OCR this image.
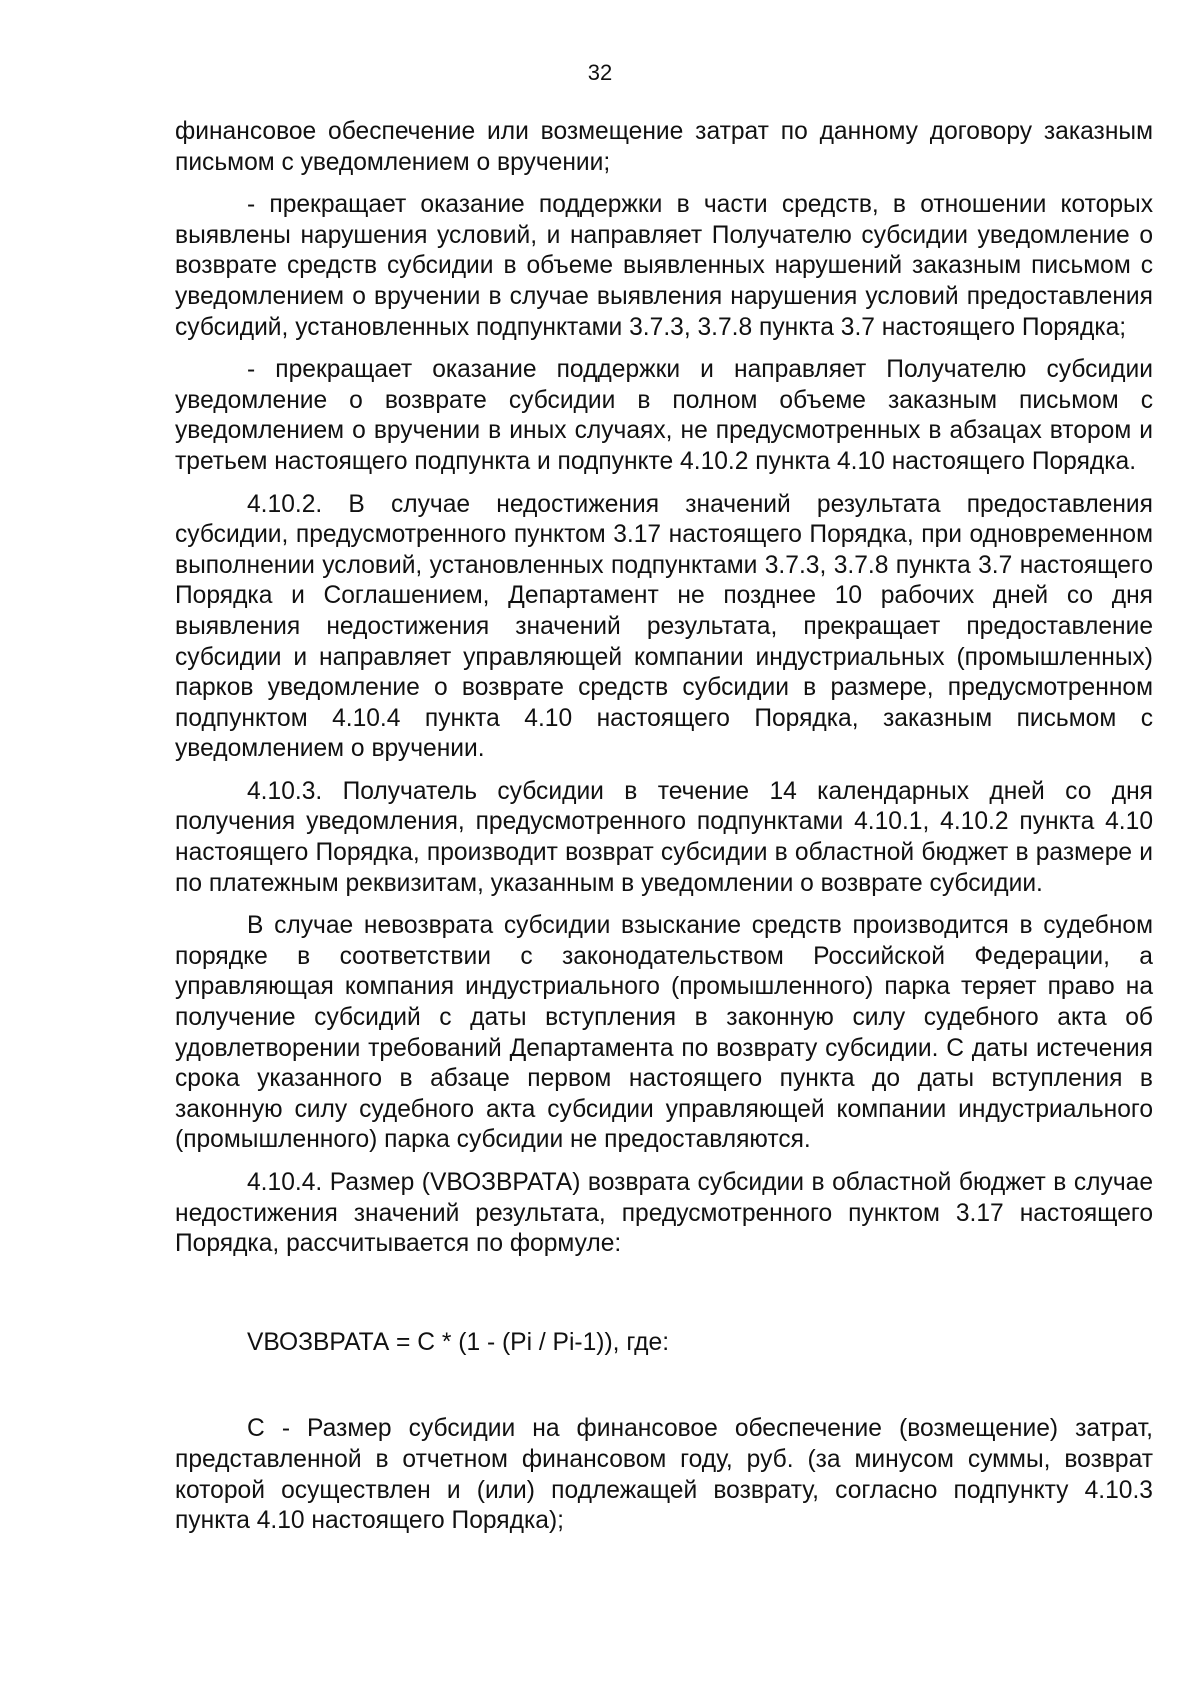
32

финансовое обеспечение или возмещение затрат по данному договору заказным письмом с уведомлением о вручении;

- прекращает оказание поддержки в части средств, в отношении которых выявлены нарушения условий, и направляет Получателю субсидии уведомление о возврате средств субсидии в объеме выявленных нарушений заказным письмом с уведомлением о вручении в случае выявления нарушения условий предоставления субсидий, установленных подпунктами 3.7.3, 3.7.8 пункта 3.7 настоящего Порядка;

- прекращает оказание поддержки и направляет Получателю субсидии уведомление о возврате субсидии в полном объеме заказным письмом с уведомлением о вручении в иных случаях, не предусмотренных в абзацах втором и третьем настоящего подпункта и подпункте 4.10.2 пункта 4.10 настоящего Порядка.

4.10.2. В случае недостижения значений результата предоставления субсидии, предусмотренного пунктом 3.17 настоящего Порядка, при одновременном выполнении условий, установленных подпунктами 3.7.3, 3.7.8 пункта 3.7 настоящего Порядка и Соглашением, Департамент не позднее 10 рабочих дней со дня выявления недостижения значений результата, прекращает предоставление субсидии и направляет управляющей компании индустриальных (промышленных) парков уведомление о возврате средств субсидии в размере, предусмотренном подпунктом 4.10.4 пункта 4.10 настоящего Порядка, заказным письмом с уведомлением о вручении.

4.10.3. Получатель субсидии в течение 14 календарных дней со дня получения уведомления, предусмотренного подпунктами 4.10.1, 4.10.2 пункта 4.10 настоящего Порядка, производит возврат субсидии в областной бюджет в размере и по платежным реквизитам, указанным в уведомлении о возврате субсидии.

В случае невозврата субсидии взыскание средств производится в судебном порядке в соответствии с законодательством Российской Федерации, а управляющая компания индустриального (промышленного) парка теряет право на получение субсидий с даты вступления в законную силу судебного акта об удовлетворении требований Департамента по возврату субсидии. С даты истечения срока указанного в абзаце первом настоящего пункта до даты вступления в законную силу судебного акта субсидии управляющей компании индустриального (промышленного) парка субсидии не предоставляются.

4.10.4. Размер (VВОЗВРАТА) возврата субсидии в областной бюджет в случае недостижения значений результата, предусмотренного пунктом 3.17 настоящего Порядка, рассчитывается по формуле:

VВОЗВРАТА = С * (1 - (Pi / Pi-1)), где:

С - Размер субсидии на финансовое обеспечение (возмещение) затрат, представленной в отчетном финансовом году, руб. (за минусом суммы, возврат которой осуществлен и (или) подлежащей возврату, согласно подпункту 4.10.3 пункта 4.10 настоящего Порядка);
